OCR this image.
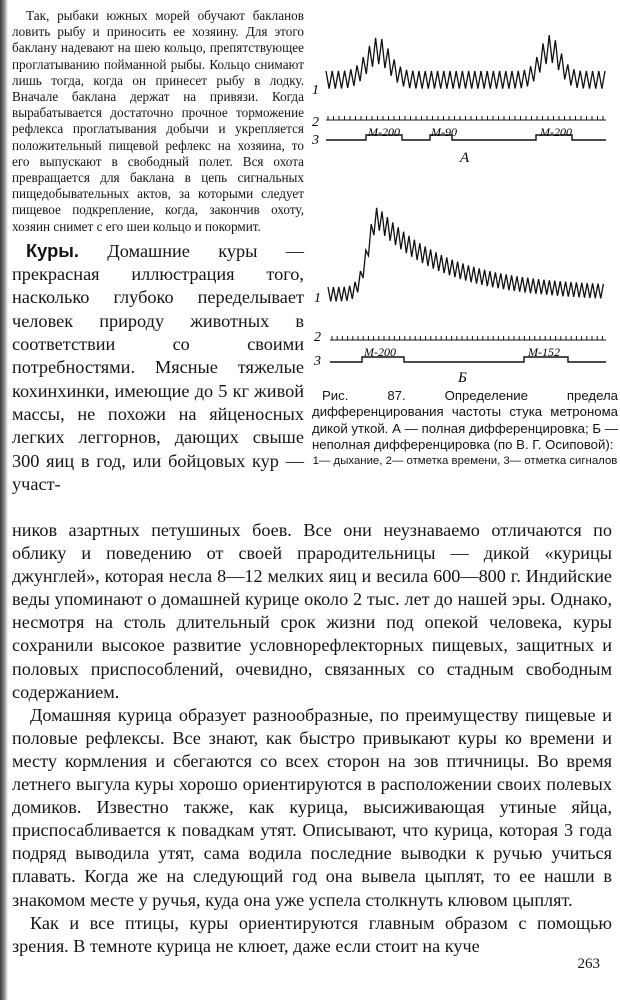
Так, рыбаки южных морей обучают бакланов ловить рыбу и приносить ее хозяину. Для этого баклану надевают на шею кольцо, препятствующее проглатыванию пойманной рыбы. Кольцо снимают лишь тогда, когда он принесет рыбу в лодку. Вначале баклана держат на привязи. Когда вырабатывается достаточно прочное торможение рефлекса проглатывания добычи и укрепляется положительный пищевой рефлекс на хозяина, то его выпускают в свободный полет. Вся охота превращается для баклана в цепь сигнальных пищедобывательных актов, за которыми следует пищевое подкрепление, когда, закончив охоту, хозяин снимет с его шеи кольцо и покормит.

Куры. Домашние куры — прекрасная иллюстрация того, насколько глубоко переделывает человек природу животных в соответствии со своими потребностями. Мясные тяжелые кохинхинки, имеющие до 5 кг живой массы, не похожи на яйценосных легких леггорнов, дающих свыше 300 яиц в год, или бойцовых кур — участ-

1
2
3
М-200	М-90	М-200
А
1
2
3
М-200	М-152
Б

Рис. 87. Определение предела дифференцирования частоты стука метронома дикой уткой. А — полная дифференцировка; Б — неполная дифференцировка (по В. Г. Осиповой):

1— дыхание, 2— отметка времени, 3— отметка сигналов

ников азартных петушиных боев. Все они неузнаваемо отличаются по облику и поведению от своей прародительницы — дикой «курицы джунглей», которая несла 8—12 мелких яиц и весила 600—800 г. Индийские веды упоминают о домашней курице около 2 тыс. лет до нашей эры. Однако, несмотря на столь длительный срок жизни под опекой человека, куры сохранили высокое развитие условнорефлекторных пищевых, защитных и половых приспособлений, очевидно, связанных со стадным свободным содержанием.

Домашняя курица образует разнообразные, по преимуществу пищевые и половые рефлексы. Все знают, как быстро привыкают куры ко времени и месту кормления и сбегаются со всех сторон на зов птичницы. Во время летнего выгула куры хорошо ориентируются в расположении своих полевых домиков. Известно также, как курица, высиживающая утиные яйца, приспосабливается к повадкам утят. Описывают, что курица, которая 3 года подряд выводила утят, сама водила последние выводки к ручью учиться плавать. Когда же на следующий год она вывела цыплят, то ее нашли в знакомом месте у ручья, куда она уже успела столкнуть клювом цыплят.

Как и все птицы, куры ориентируются главным образом с помощью зрения. В темноте курица не клюет, даже если стоит на куче

263
